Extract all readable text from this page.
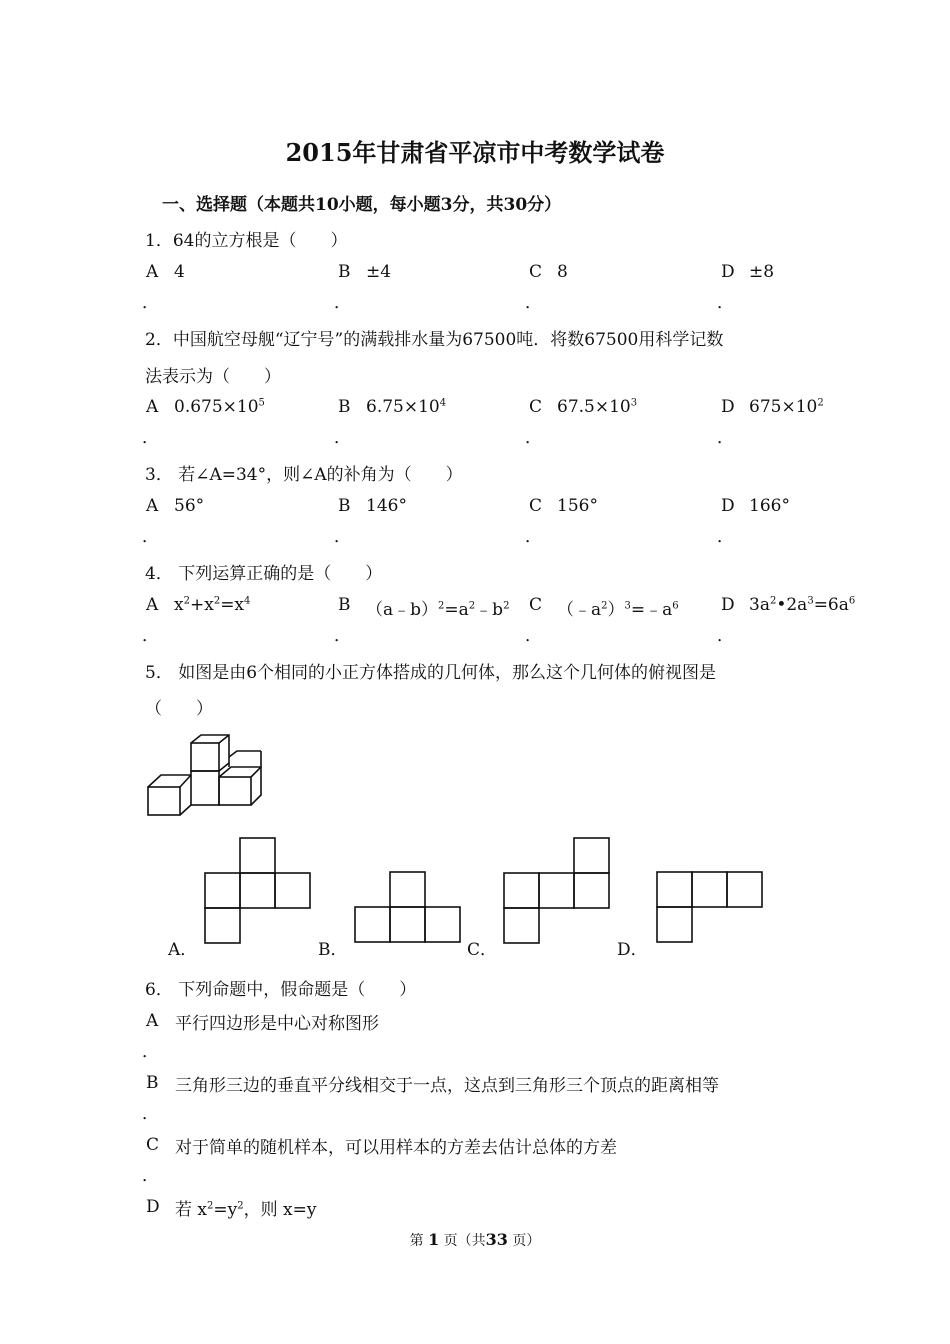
2015年甘肃省平凉市中考数学试卷
一、选择题（本题共10小题，每小题3分，共30分）
1．64的立方根是（　　）
A 4
．
B ±4
．
C 8
．
D ±8
．
2．中国航空母舰“辽宁号”的满载排水量为67500吨．将数67500用科学记数
法表示为（　　）
A $0.675\times 10^5$
．
B $6.75\times 10^4$
．
C $67.5\times 10^3$
．
D $675\times 10^2$
．
3． 若∠A=34°，则∠A的补角为（　　）
A 56°
．
B 146°
．
C 156°
．
D 166°
．
4． 下列运算正确的是（　　）
A $x^2+x^2=x^4$
．
B $(a﹣b)^2=a^2﹣b^2$
．
C $(﹣a^2)^3=﹣a^6$
．
D $3a^2•2a^3=6a^6$
．
5． 如图是由6个相同的小正方体搭成的几何体，那么这个几何体的俯视图是
（　　）
A．	B．	C．	D．
6． 下列命题中，假命题是（　　）
A 平行四边形是中心对称图形
．
B 三角形三边的垂直平分线相交于一点，这点到三角形三个顶点的距离相等
．
C 对于简单的随机样本，可以用样本的方差去估计总体的方差
．
D 若 $x^2=y^2$，则 x=y
第 1 页（共33 页）
